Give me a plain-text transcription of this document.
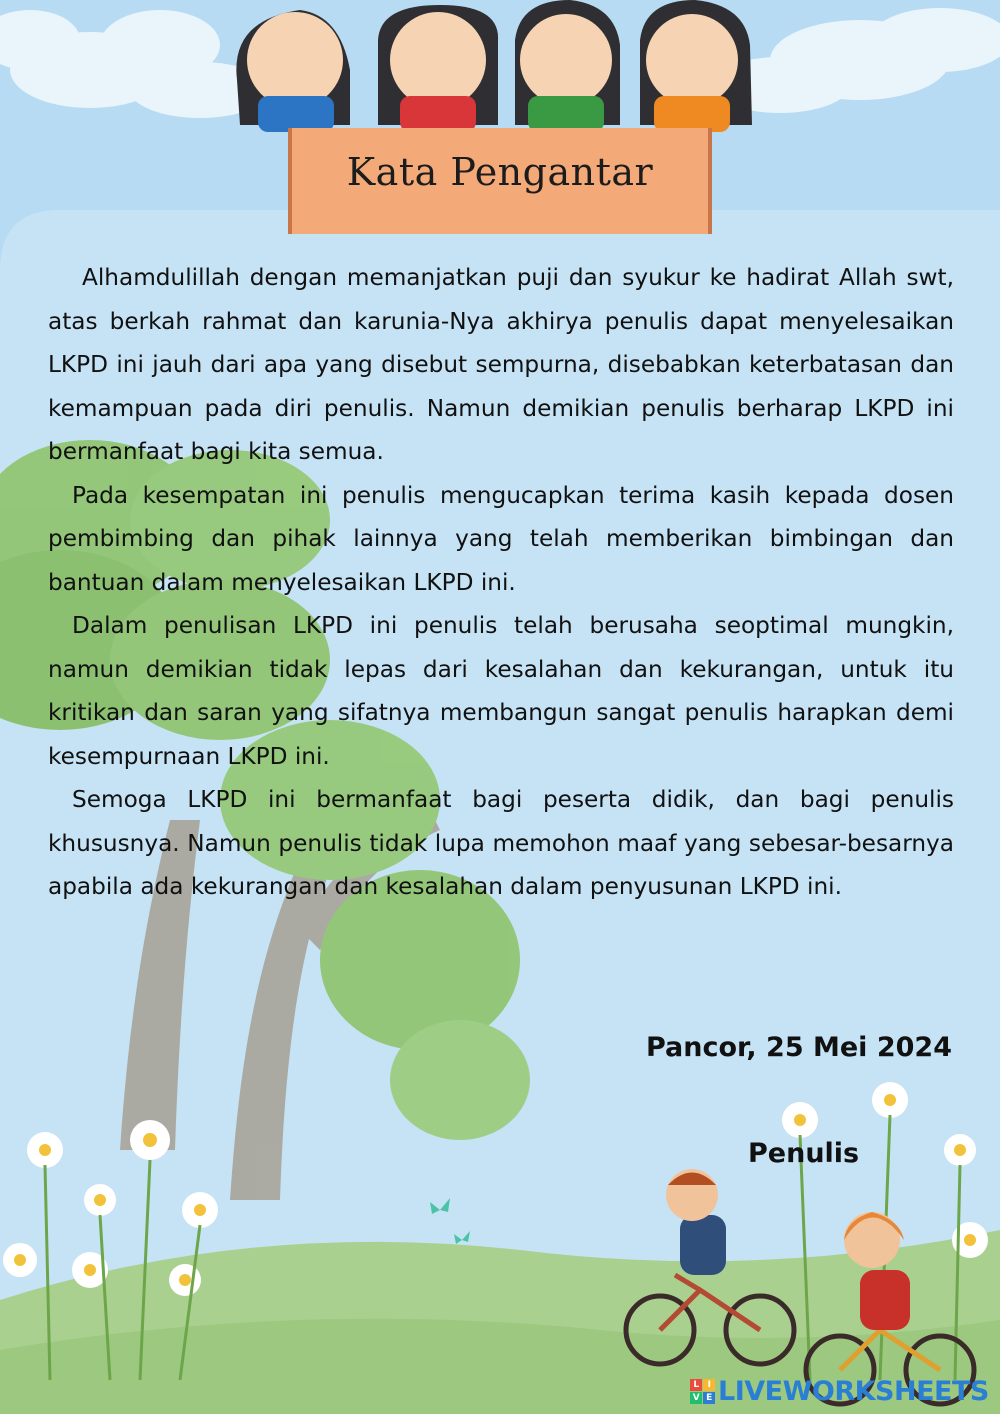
Kata Pengantar

Alhamdulillah dengan memanjatkan puji dan syukur ke hadirat Allah swt, atas berkah rahmat dan karunia-Nya akhirya penulis dapat menyelesaikan LKPD ini jauh dari apa yang disebut sempurna, disebabkan keterbatasan dan kemampuan pada diri penulis. Namun demikian penulis berharap LKPD ini bermanfaat bagi kita semua.

Pada kesempatan ini penulis mengucapkan terima kasih kepada dosen pembimbing dan pihak lainnya yang telah memberikan bimbingan dan bantuan dalam menyelesaikan LKPD ini.

Dalam penulisan LKPD ini penulis telah berusaha seoptimal mungkin, namun demikian tidak lepas dari kesalahan dan kekurangan, untuk itu kritikan dan saran yang sifatnya membangun sangat penulis harapkan demi kesempurnaan LKPD ini.

Semoga LKPD ini bermanfaat bagi peserta didik, dan bagi penulis khususnya. Namun penulis tidak lupa memohon maaf yang sebesar-besarnya apabila ada kekurangan dan kesalahan dalam penyusunan LKPD ini.

Pancor, 25 Mei 2024
Penulis
L I
V E LIVEWORKSHEETS
